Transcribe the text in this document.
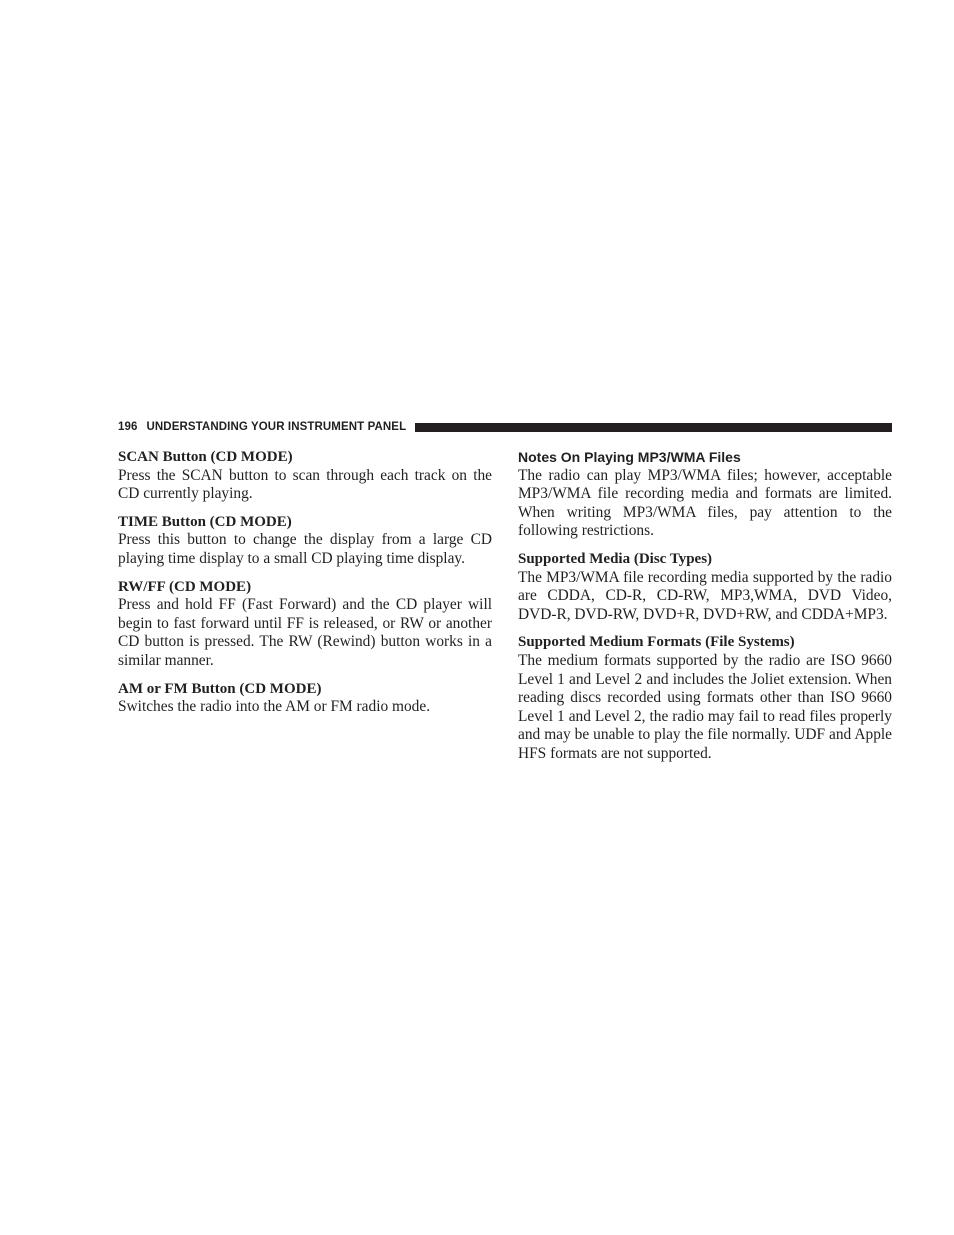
196 UNDERSTANDING YOUR INSTRUMENT PANEL
SCAN Button (CD MODE)

Press the SCAN button to scan through each track on the CD currently playing.

TIME Button (CD MODE)

Press this button to change the display from a large CD playing time display to a small CD playing time display.

RW/FF (CD MODE)

Press and hold FF (Fast Forward) and the CD player will begin to fast forward until FF is released, or RW or another CD button is pressed. The RW (Rewind) button works in a similar manner.

AM or FM Button (CD MODE)

Switches the radio into the AM or FM radio mode.

Notes On Playing MP3/WMA Files

The radio can play MP3/WMA files; however, acceptable MP3/WMA file recording media and formats are limited. When writing MP3/WMA files, pay attention to the following restrictions.

Supported Media (Disc Types)

The MP3/WMA file recording media supported by the radio are CDDA, CD-R, CD-RW, MP3,WMA, DVD Video, DVD-R, DVD-RW, DVD+R, DVD+RW, and CDDA+MP3.

Supported Medium Formats (File Systems)

The medium formats supported by the radio are ISO 9660 Level 1 and Level 2 and includes the Joliet extension. When reading discs recorded using formats other than ISO 9660 Level 1 and Level 2, the radio may fail to read files properly and may be unable to play the file normally. UDF and Apple HFS formats are not supported.
